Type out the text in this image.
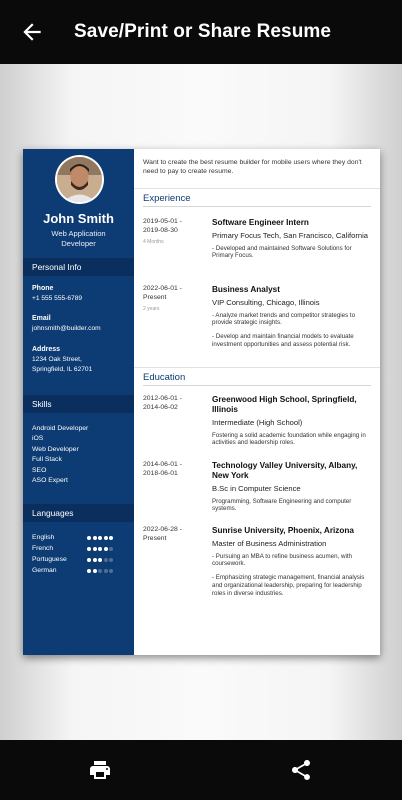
Save/Print or Share Resume
John Smith
Web Application Developer
Personal Info
Phone
+1 555 555-6789
Email
johnsmith@builder.com
Address
1234 Oak Street,
Springfield, IL 62701
Skills
Android Developer
iOS
Web Developer
Full Stack
SEO
ASO Expert
Languages
English
French
Portuguese
German
Want to create the best resume builder for mobile users where they don't need to pay to create resume.
Experience
2019-05-01 -
2019-08-30
4 Months
Software Engineer Intern
Primary Focus Tech, San Francisco, California
- Developed and maintained Software Solutions for Primary Focus.
2022-06-01 -
Present
2 years
Business Analyst
VIP Consulting, Chicago, Illinois
- Analyze market trends and competitor strategies to provide strategic insights.
- Develop and maintain financial models to evaluate investment opportunities and assess potential risk.
Education
2012-06-01 -
2014-06-02
Greenwood High School, Springfield, Illinois
Intermediate (High School)
Fostering a solid academic foundation while engaging in activities and leadership roles.
2014-06-01 -
2018-06-01
Technology Valley University, Albany, New York
B.Sc in Computer Science
Programming, Software Engineering and computer systems.
2022-06-28 -
Present
Sunrise University, Phoenix, Arizona
Master of Business Administration
- Pursuing an MBA to refine business acumen, with coursework.
- Emphasizing strategic management, financial analysis and organizational leadership, preparing for leadership roles in diverse industries.
